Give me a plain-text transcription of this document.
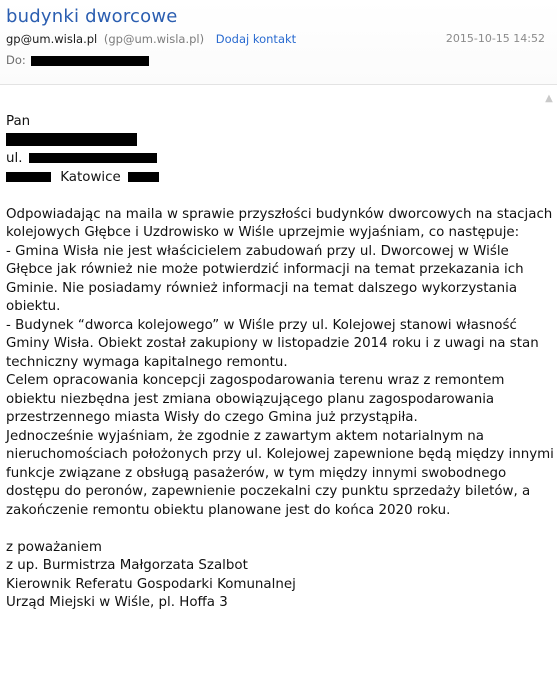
budynki dworcowe
gp@um.wisla.pl (gp@um.wisla.pl) Dodaj kontakt	2015-10-15 14:52
Do:
▲
Pan
ul.
Katowice
Odpowiadając na maila w sprawie przyszłości budynków dworcowych na stacjach
kolejowych Głębce i Uzdrowisko w Wiśle uprzejmie wyjaśniam, co następuje:
- Gmina Wisła nie jest właścicielem zabudowań przy ul. Dworcowej w Wiśle
Głębce jak również nie może potwierdzić informacji na temat przekazania ich
Gminie. Nie posiadamy również informacji na temat dalszego wykorzystania
obiektu.
- Budynek “dworca kolejowego” w Wiśle przy ul. Kolejowej stanowi własność
Gminy Wisła. Obiekt został zakupiony w listopadzie 2014 roku i z uwagi na stan
techniczny wymaga kapitalnego remontu.
Celem opracowania koncepcji zagospodarowania terenu wraz z remontem
obiektu niezbędna jest zmiana obowiązującego planu zagospodarowania
przestrzennego miasta Wisły do czego Gmina już przystąpiła.
Jednocześnie wyjaśniam, że zgodnie z zawartym aktem notarialnym na
nieruchomościach położonych przy ul. Kolejowej zapewnione będą między innymi
funkcje związane z obsługą pasażerów, w tym między innymi swobodnego
dostępu do peronów, zapewnienie poczekalni czy punktu sprzedaży biletów, a
zakończenie remontu obiektu planowane jest do końca 2020 roku.
z poważaniem
z up. Burmistrza Małgorzata Szalbot
Kierownik Referatu Gospodarki Komunalnej
Urząd Miejski w Wiśle, pl. Hoffa 3
